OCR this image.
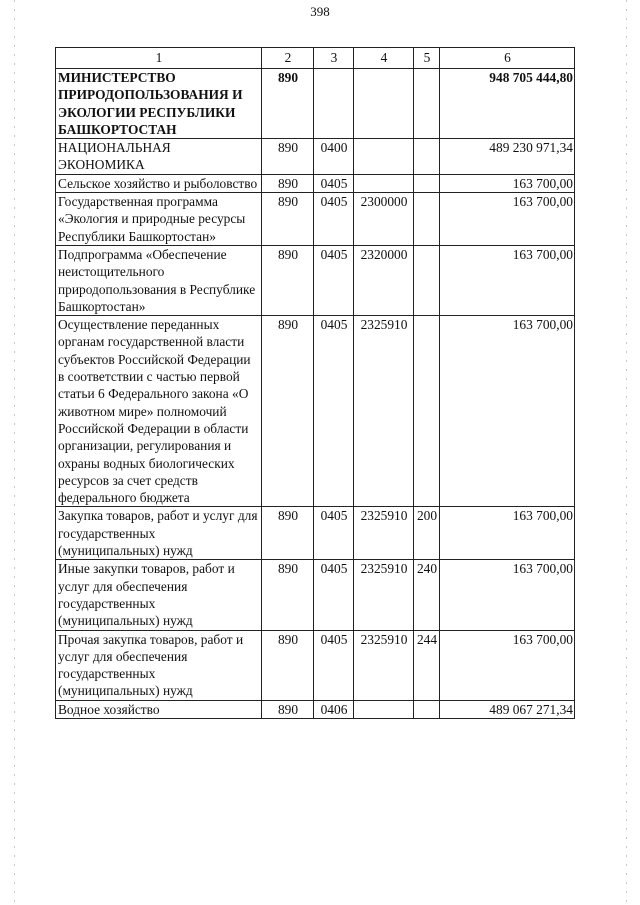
398
1	2	3	4	5	6
МИНИСТЕРСТВО ПРИРОДОПОЛЬЗОВАНИЯ И ЭКОЛОГИИ РЕСПУБЛИКИ БАШКОРТОСТАН	890				948 705 444,80
НАЦИОНАЛЬНАЯ ЭКОНОМИКА	890	0400			489 230 971,34
Сельское хозяйство и рыболовство	890	0405			163 700,00
Государственная программа «Экология и природные ресурсы Республики Башкортостан»	890	0405	2300000		163 700,00
Подпрограмма «Обеспечение неистощительного природопользования в Республике Башкортостан»	890	0405	2320000		163 700,00
Осуществление переданных органам государственной власти субъектов Российской Федерации в соответствии с частью первой статьи 6 Федерального закона «О животном мире» полномочий Российской Федерации в области организации, регулирования и охраны водных биологических ресурсов за счет средств федерального бюджета	890	0405	2325910		163 700,00
Закупка товаров, работ и услуг для государственных (муниципальных) нужд	890	0405	2325910	200	163 700,00
Иные закупки товаров, работ и услуг для обеспечения государственных (муниципальных) нужд	890	0405	2325910	240	163 700,00
Прочая закупка товаров, работ и услуг для обеспечения государственных (муниципальных) нужд	890	0405	2325910	244	163 700,00
Водное хозяйство	890	0406			489 067 271,34
